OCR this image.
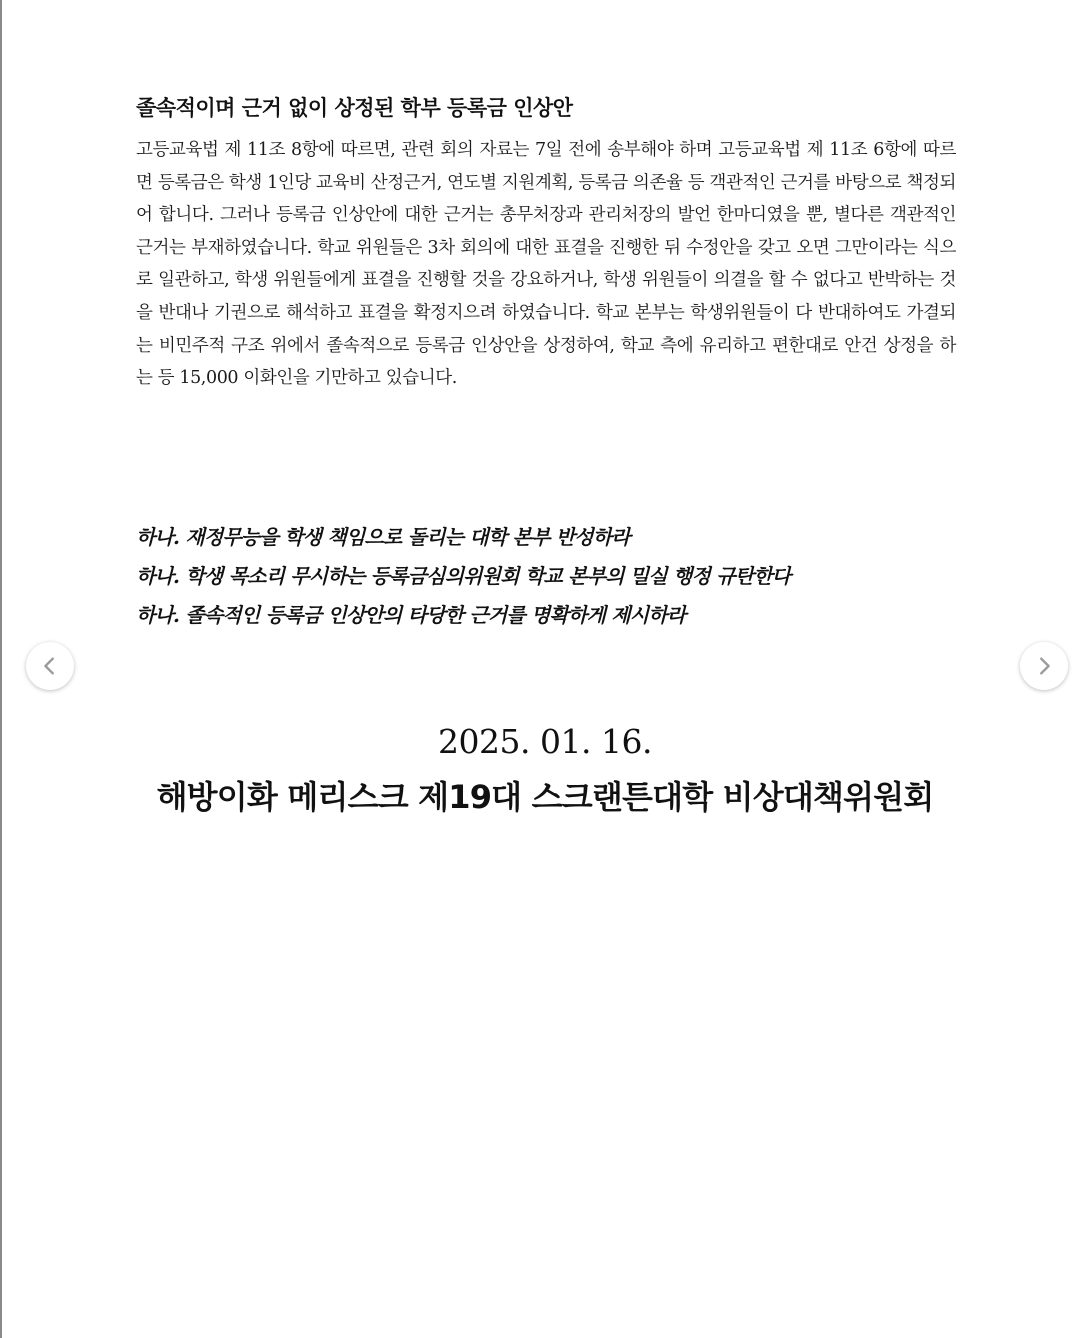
졸속적이며 근거 없이 상정된 학부 등록금 인상안
고등교육법 제 11조 8항에 따르면, 관련 회의 자료는 7일 전에 송부해야 하며 고등교육법 제 11조 6항에 따르면 등록금은 학생 1인당 교육비 산정근거, 연도별 지원계획, 등록금 의존율 등 객관적인 근거를 바탕으로 책정되어 합니다. 그러나 등록금 인상안에 대한 근거는 총무처장과 관리처장의 발언 한마디였을 뿐, 별다른 객관적인 근거는 부재하였습니다. 학교 위원들은 3차 회의에 대한 표결을 진행한 뒤 수정안을 갖고 오면 그만이라는 식으로 일관하고, 학생 위원들에게 표결을 진행할 것을 강요하거나, 학생 위원들이 의결을 할 수 없다고 반박하는 것을 반대나 기권으로 해석하고 표결을 확정지으려 하였습니다. 학교 본부는 학생위원들이 다 반대하여도 가결되는 비민주적 구조 위에서 졸속적으로 등록금 인상안을 상정하여, 학교 측에 유리하고 편한대로 안건 상정을 하는 등 15,000 이화인을 기만하고 있습니다.
하나. 재정무능을 학생 책임으로 돌리는 대학 본부 반성하라
하나. 학생 목소리 무시하는 등록금심의위원회 학교 본부의 밀실 행정 규탄한다
하나. 졸속적인 등록금 인상안의 타당한 근거를 명확하게 제시하라
2025. 01. 16.
해방이화 메리스크 제19대 스크랜튼대학 비상대책위원회
